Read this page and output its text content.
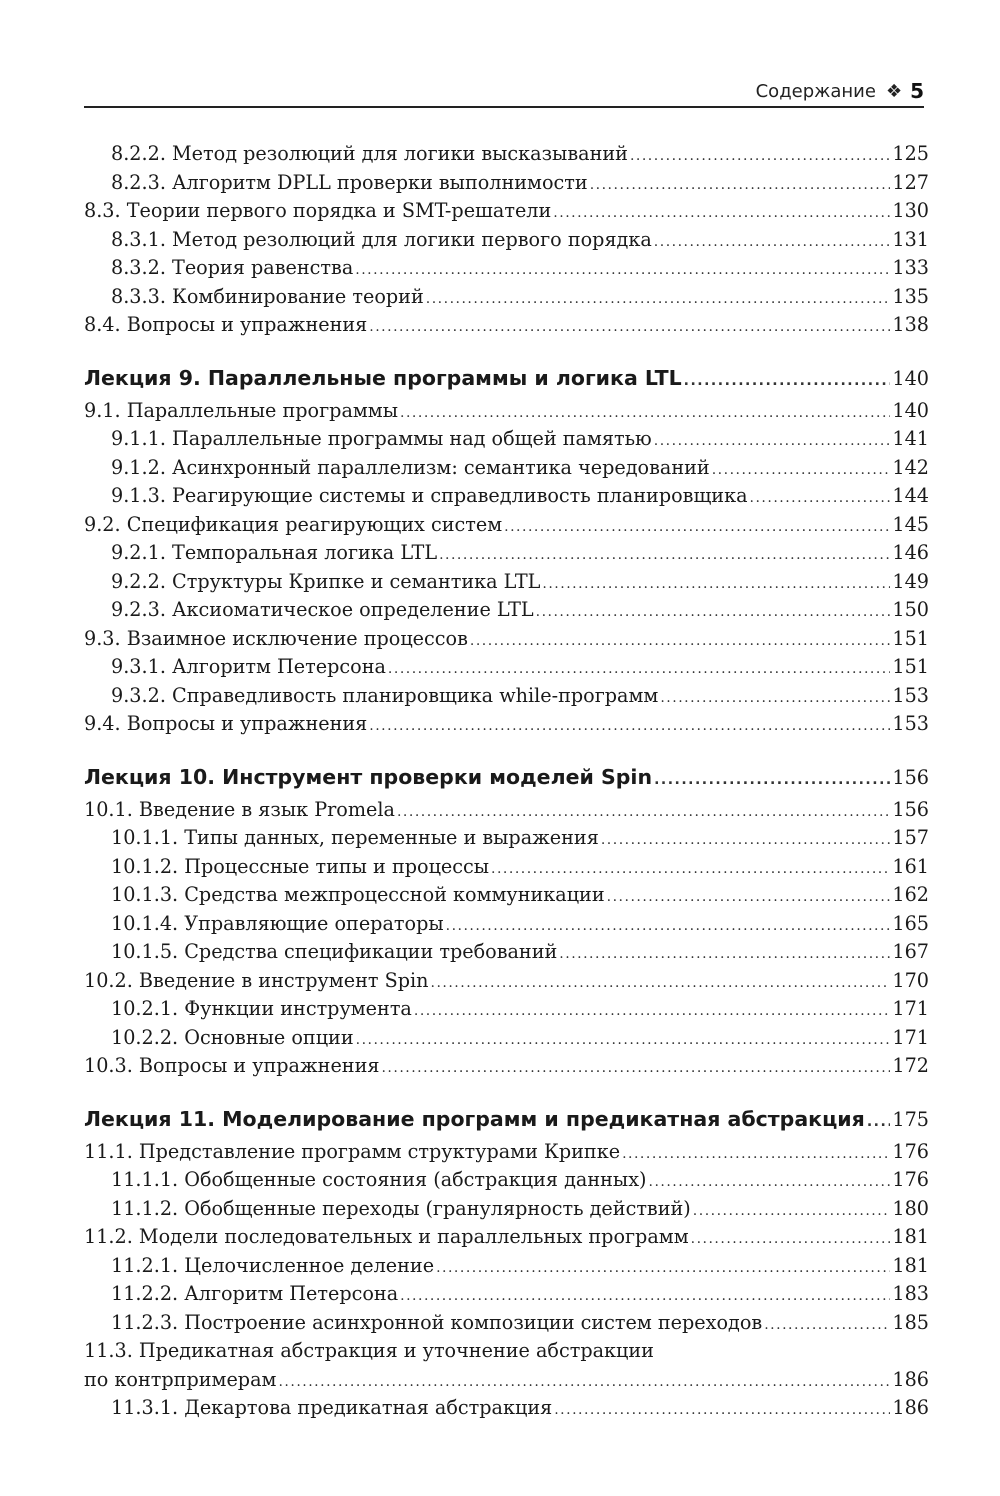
Содержание ❖ 5
8.2.2. Метод резолюций для логики высказываний .....	125
8.2.3. Алгоритм DPLL проверки выполнимости .....	127
8.3. Теории первого порядка и SMT-решатели .....	130
8.3.1. Метод резолюций для логики первого порядка .....	131
8.3.2. Теория равенства .....	133
8.3.3. Комбинирование теорий .....	135
8.4. Вопросы и упражнения .....	138
Лекция 9. Параллельные программы и логика LTL .....	140
9.1. Параллельные программы .....	140
9.1.1. Параллельные программы над общей памятью .....	141
9.1.2. Асинхронный параллелизм: семантика чередований .....	142
9.1.3. Реагирующие системы и справедливость планировщика .....	144
9.2. Спецификация реагирующих систем .....	145
9.2.1. Темпоральная логика LTL .....	146
9.2.2. Структуры Крипке и семантика LTL .....	149
9.2.3. Аксиоматическое определение LTL .....	150
9.3. Взаимное исключение процессов .....	151
9.3.1. Алгоритм Петерсона .....	151
9.3.2. Справедливость планировщика while-программ .....	153
9.4. Вопросы и упражнения .....	153
Лекция 10. Инструмент проверки моделей Spin .....	156
10.1. Введение в язык Promela .....	156
10.1.1. Типы данных, переменные и выражения .....	157
10.1.2. Процессные типы и процессы .....	161
10.1.3. Средства межпроцессной коммуникации .....	162
10.1.4. Управляющие операторы .....	165
10.1.5. Средства спецификации требований .....	167
10.2. Введение в инструмент Spin .....	170
10.2.1. Функции инструмента .....	171
10.2.2. Основные опции .....	171
10.3. Вопросы и упражнения .....	172
Лекция 11. Моделирование программ и предикатная абстракция ..... 175
11.1. Представление программ структурами Крипке .....	176
11.1.1. Обобщенные состояния (абстракция данных) .....	176
11.1.2. Обобщенные переходы (гранулярность действий) .....	180
11.2. Модели последовательных и параллельных программ .....	181
11.2.1. Целочисленное деление .....	181
11.2.2. Алгоритм Петерсона .....	183
11.2.3. Построение асинхронной композиции систем переходов .....	185
11.3. Предикатная абстракция и уточнение абстракции
по контрпримерам .....	186
11.3.1. Декартова предикатная абстракция .....	186
